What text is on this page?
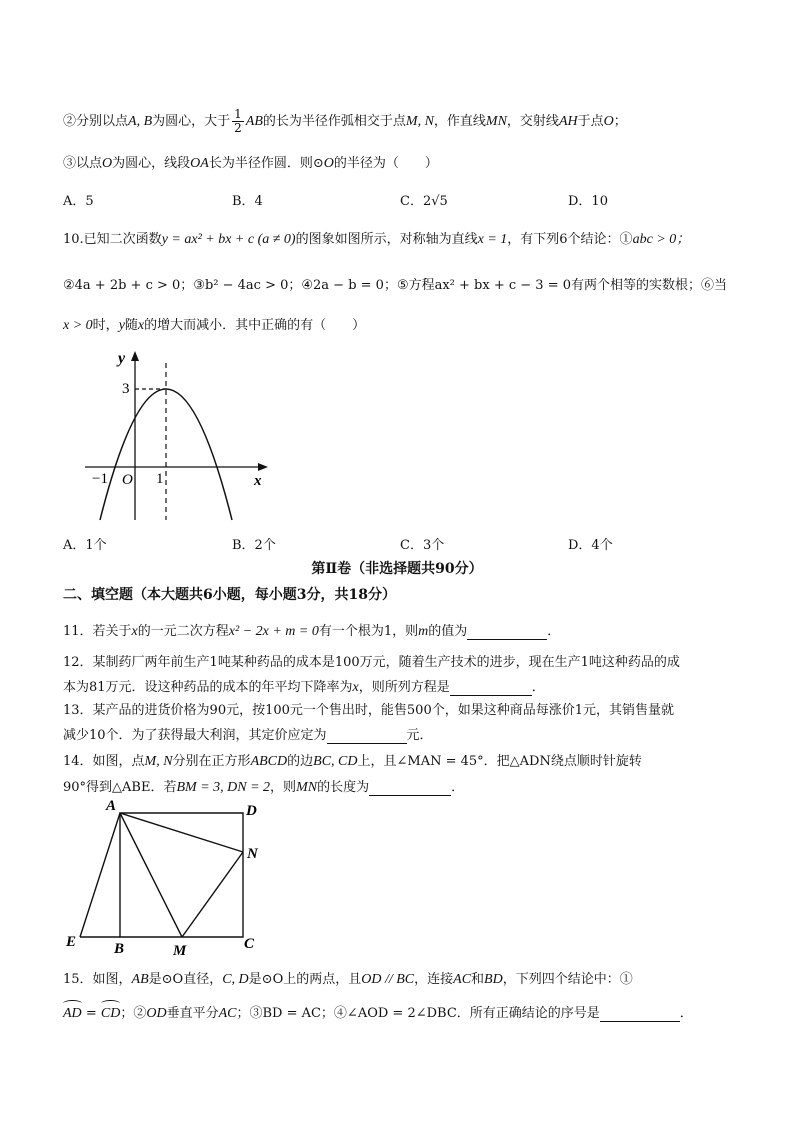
②分别以点A, B为圆心，大于 $\frac{1}{2}$ AB的长为半径作弧相交于点M, N，作直线MN，交射线AH于点O；
③以点O为圆心，线段OA长为半径作圆．则⊙O的半径为（　　）
A．5	B．4	C．2√5	D．10
10.已知二次函数y = ax² + bx + c (a ≠ 0)的图象如图所示，对称轴为直线x = 1，有下列6个结论：①abc > 0；
②4a + 2b + c > 0；③b² − 4ac > 0；④2a − b = 0；⑤方程ax² + bx + c − 3 = 0有两个相等的实数根；⑥当
x > 0时，y随x的增大而减小．其中正确的有（　　）
y
3
−1 O 1	x
A．1个	B．2个	C．3个	D．4个
第Ⅱ卷（非选择题共90分）
二、填空题（本大题共6小题，每小题3分，共18分）
11．若关于x的一元二次方程x² − 2x + m = 0有一个根为1，则m的值为	．
12．某制药厂两年前生产1吨某种药品的成本是100万元，随着生产技术的进步，现在生产1吨这种药品的成
本为81万元．设这种药品的成本的年平均下降率为x，则所列方程是	．
13．某产品的进货价格为90元，按100元一个售出时，能售500个，如果这种商品每涨价1元，其销售量就
减少10个．为了获得最大利润，其定价应定为	元．
14．如图，点M, N分别在正方形ABCD的边BC, CD上，且∠MAN = 45°．把△ADN绕点顺时针旋转
90°得到△ABE．若BM = 3, DN = 2，则MN的长度为	．
A	D
N
E	B	M	C
15．如图，AB是⊙O直径，C, D是⊙O上的两点，且OD // BC，连接AC和BD，下列四个结论中：①
AD = CD；②OD垂直平分AC；③BD = AC；④∠AOD = 2∠DBC．所有正确结论的序号是	．
